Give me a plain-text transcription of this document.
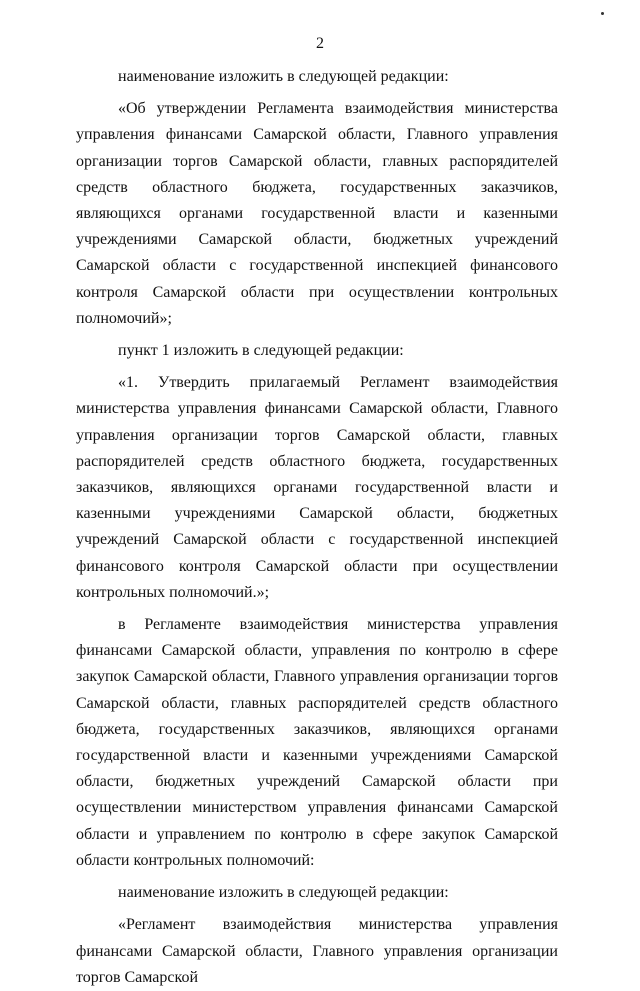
2

наименование изложить в следующей редакции:

«Об утверждении Регламента взаимодействия министерства управления финансами Самарской области, Главного управления организации торгов Самарской области, главных распорядителей средств областного бюджета, государственных заказчиков, являющихся органами государственной власти и казенными учреждениями Самарской области, бюджетных учреждений Самарской области с государственной инспекцией финансового контроля Самарской области при осуществлении контрольных полномочий»;

пункт 1 изложить в следующей редакции:

«1. Утвердить прилагаемый Регламент взаимодействия министерства управления финансами Самарской области, Главного управления организации торгов Самарской области, главных распорядителей средств областного бюджета, государственных заказчиков, являющихся органами государственной власти и казенными учреждениями Самарской области, бюджетных учреждений Самарской области с государственной инспекцией финансового контроля Самарской области при осуществлении контрольных полномочий.»;

в Регламенте взаимодействия министерства управления финансами Самарской области, управления по контролю в сфере закупок Самарской области, Главного управления организации торгов Самарской области, главных распорядителей средств областного бюджета, государственных заказчиков, являющихся органами государственной власти и казенными учреждениями Самарской области, бюджетных учреждений Самарской области при осуществлении министерством управления финансами Самарской области и управлением по контролю в сфере закупок Самарской области контрольных полномочий:

наименование изложить в следующей редакции:

«Регламент взаимодействия министерства управления финансами Самарской области, Главного управления организации торгов Самарской
